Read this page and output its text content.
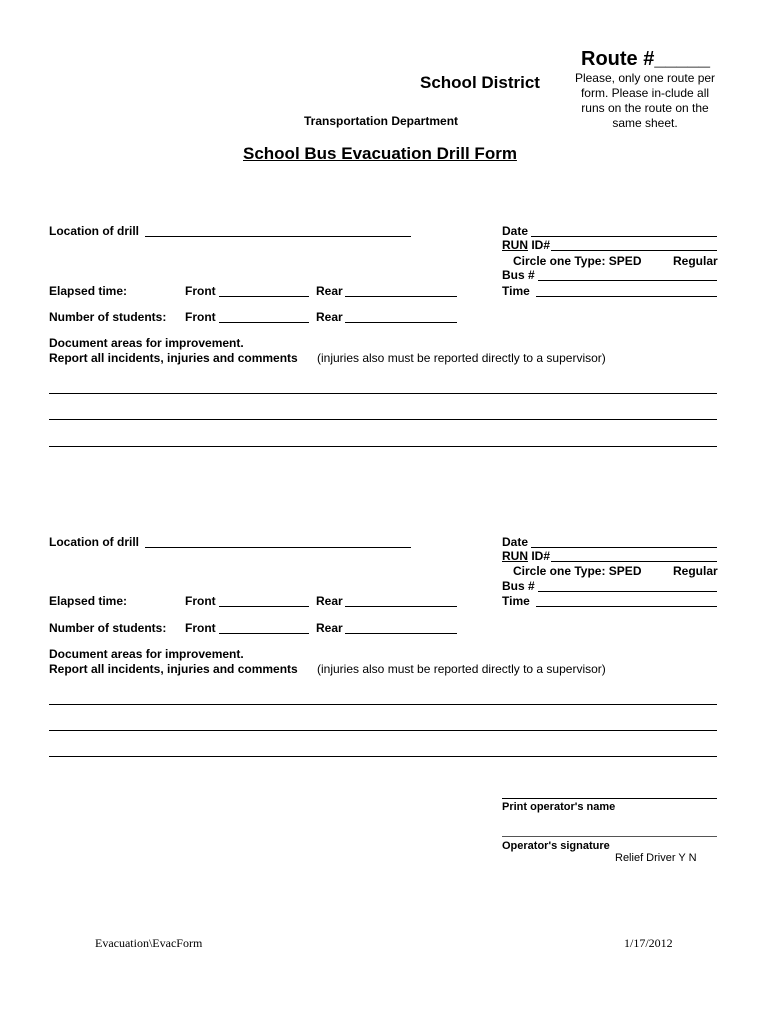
Route #_____
Please, only one route per form. Please in-clude all runs on the route on the same sheet.
School District
Transportation Department
School Bus Evacuation Drill Form
Location of drill	Date
RUN ID#
Circle one Type: SPED	Regular
Bus #
Elapsed time:	Front	Rear	Time
Number of students: Front	Rear
Document areas for improvement.
Report all incidents, injuries and comments (injuries also must be reported directly to a supervisor)
Location of drill	Date
RUN ID#
Circle one Type: SPED	Regular
Bus #
Elapsed time:	Front	Rear	Time
Number of students: Front	Rear
Document areas for improvement.
Report all incidents, injuries and comments (injuries also must be reported directly to a supervisor)
Print operator's name
Operator's signature
Relief Driver Y N
Evacuation\EvacForm	1/17/2012
